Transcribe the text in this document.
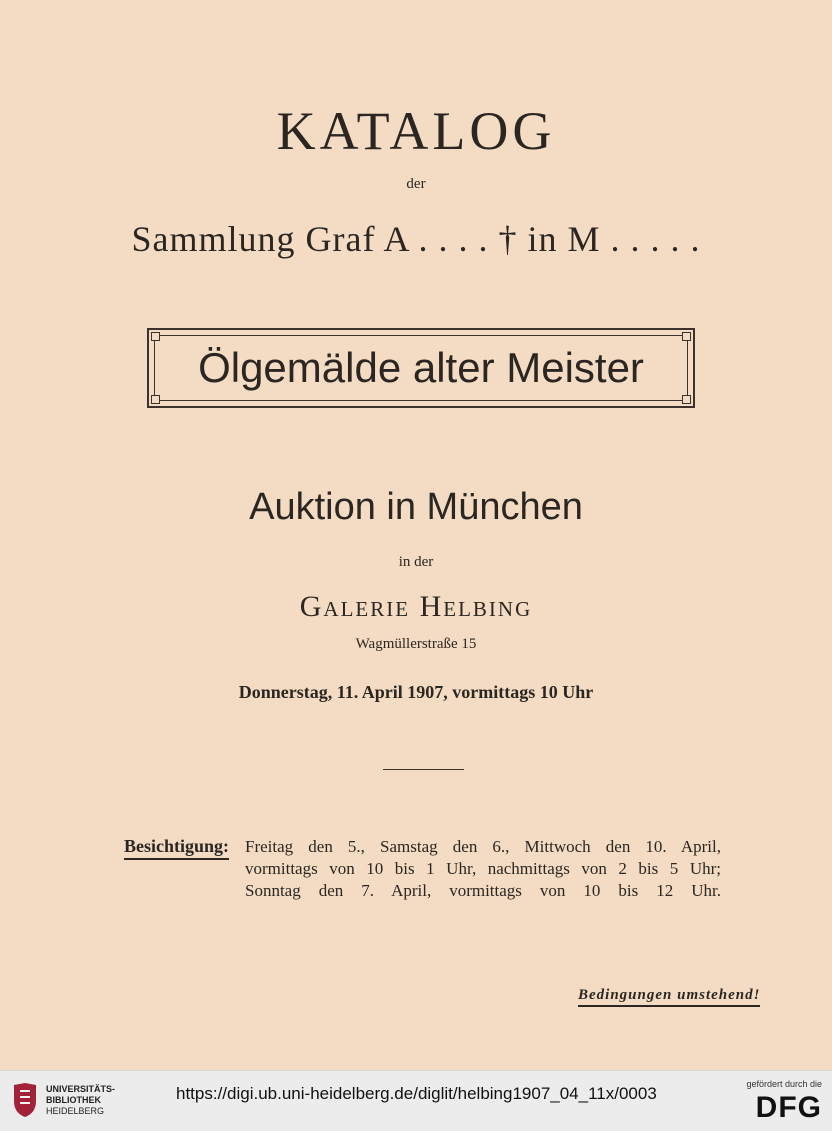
KATALOG
der
Sammlung Graf A . . . . † in M . . . . .
Ölgemälde alter Meister
Auktion in München
in der
Galerie Helbing
Wagmüllerstraße 15
Donnerstag, 11. April 1907, vormittags 10 Uhr
Besichtigung: Freitag den 5., Samstag den 6., Mittwoch den 10. April,
vormittags von 10 bis 1 Uhr, nachmittags von 2 bis 5 Uhr;
Sonntag den 7. April, vormittags von 10 bis 12 Uhr.
Bedingungen umstehend!
UNIVERSITÄTS-
BIBLIOTHEK
HEIDELBERG
https://digi.ub.uni-heidelberg.de/diglit/helbing1907_04_11x/0003	gefördert durch die
DFG
